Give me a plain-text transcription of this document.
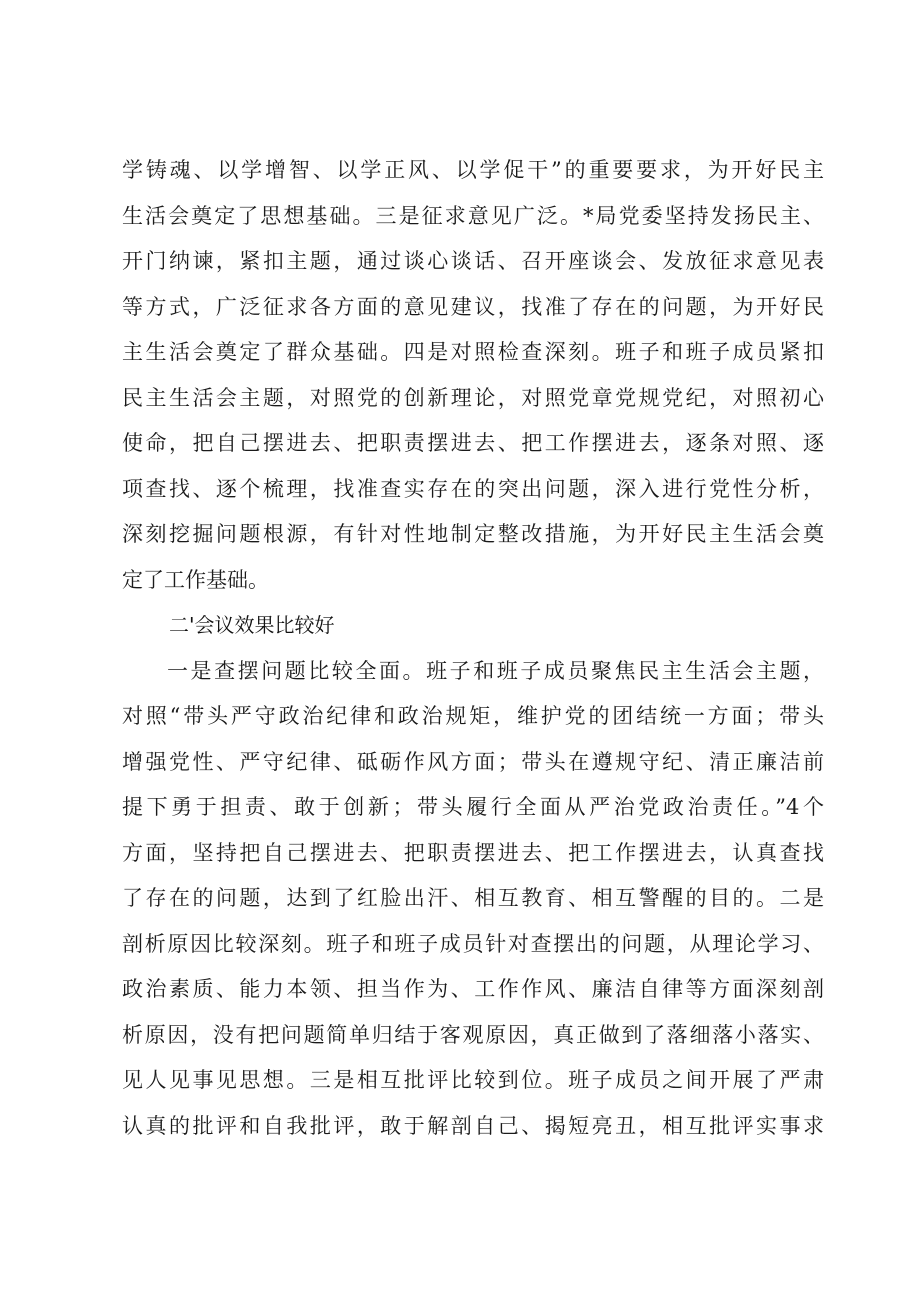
学铸魂、以学增智、以学正风、以学促干”的重要要求，为开好民主
生活会奠定了思想基础。三是征求意见广泛。*局党委坚持发扬民主、
开门纳谏，紧扣主题，通过谈心谈话、召开座谈会、发放征求意见表
等方式，广泛征求各方面的意见建议，找准了存在的问题，为开好民
主生活会奠定了群众基础。四是对照检查深刻。班子和班子成员紧扣
民主生活会主题，对照党的创新理论，对照党章党规党纪，对照初心
使命，把自己摆进去、把职责摆进去、把工作摆进去，逐条对照、逐
项查找、逐个梳理，找准查实存在的突出问题，深入进行党性分析，
深刻挖掘问题根源，有针对性地制定整改措施，为开好民主生活会奠
定了工作基础。
二'会议效果比较好
一是查摆问题比较全面。班子和班子成员聚焦民主生活会主题，
对照“带头严守政治纪律和政治规矩，维护党的团结统一方面；带头
增强党性、严守纪律、砥砺作风方面；带头在遵规守纪、清正廉洁前
提下勇于担责、敢于创新；带头履行全面从严治党政治责任。”4个
方面，坚持把自己摆进去、把职责摆进去、把工作摆进去，认真查找
了存在的问题，达到了红脸出汗、相互教育、相互警醒的目的。二是
剖析原因比较深刻。班子和班子成员针对查摆出的问题，从理论学习、
政治素质、能力本领、担当作为、工作作风、廉洁自律等方面深刻剖
析原因，没有把问题简单归结于客观原因，真正做到了落细落小落实、
见人见事见思想。三是相互批评比较到位。班子成员之间开展了严肃
认真的批评和自我批评，敢于解剖自己、揭短亮丑，相互批评实事求
